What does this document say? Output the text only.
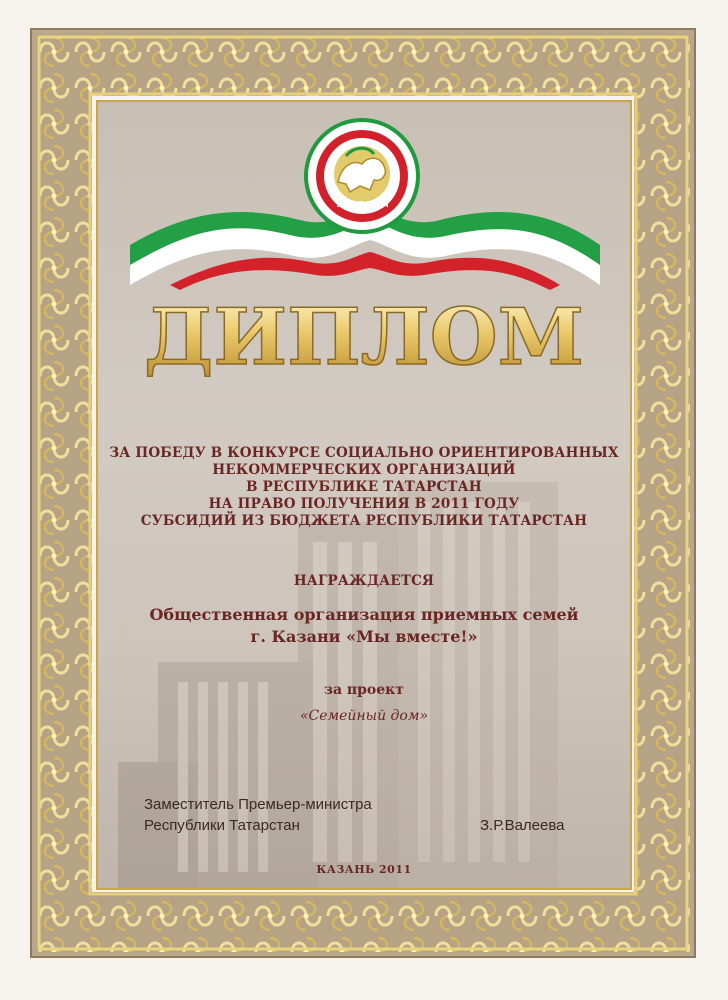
ТАТАРСТАН
ДИПЛОМ
ЗА ПОБЕДУ В КОНКУРСЕ СОЦИАЛЬНО ОРИЕНТИРОВАННЫХ
НЕКОММЕРЧЕСКИХ ОРГАНИЗАЦИЙ
В РЕСПУБЛИКЕ ТАТАРСТАН
НА ПРАВО ПОЛУЧЕНИЯ В 2011 ГОДУ
СУБСИДИЙ ИЗ БЮДЖЕТА РЕСПУБЛИКИ ТАТАРСТАН
НАГРАЖДАЕТСЯ
Общественная организация приемных семей
г. Казани «Мы вместе!»
за проект
«Семейный дом»
Заместитель Премьер-министра
Республики Татарстан	З.Р.Валеева
КАЗАНЬ 2011
